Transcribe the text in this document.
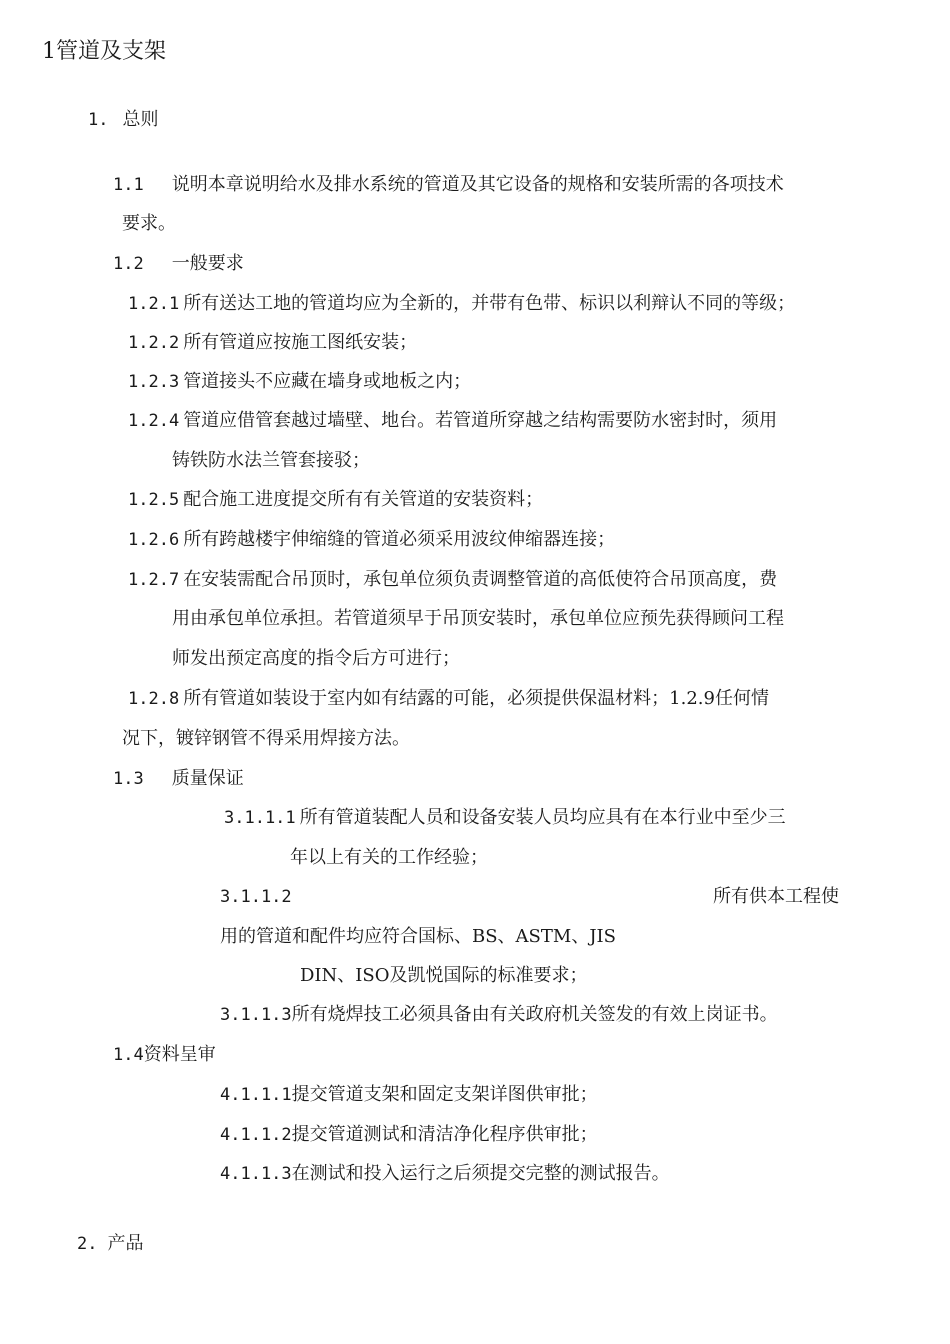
1管道及支架
1. 总则
1.1 说明本章说明给水及排水系统的管道及其它设备的规格和安装所需的各项技术
要求。
1.2 一般要求
1.2.1 所有送达工地的管道均应为全新的，并带有色带、标识以利辩认不同的等级；
1.2.2 所有管道应按施工图纸安装；
1.2.3 管道接头不应藏在墙身或地板之内；
1.2.4 管道应借管套越过墙壁、地台。若管道所穿越之结构需要防水密封时，须用
铸铁防水法兰管套接驳；
1.2.5 配合施工进度提交所有有关管道的安装资料；
1.2.6 所有跨越楼宇伸缩缝的管道必须采用波纹伸缩器连接；
1.2.7 在安装需配合吊顶时，承包单位须负责调整管道的高低使符合吊顶高度，费
用由承包单位承担。若管道须早于吊顶安装时，承包单位应预先获得顾问工程
师发出预定高度的指令后方可进行；
1.2.8 所有管道如装设于室内如有结露的可能，必须提供保温材料；1.2.9任何情
况下，镀锌钢管不得采用焊接方法。
1.3 质量保证
3.1.1.1 所有管道装配人员和设备安装人员均应具有在本行业中至少三
年以上有关的工作经验；
3.1.1.2	所有供本工程使
用的管道和配件均应符合国标、BS、ASTM、JIS
DIN、ISO及凯悦国际的标准要求；
3.1.1.3所有烧焊技工必须具备由有关政府机关签发的有效上岗证书。
1.4资料呈审
4.1.1.1提交管道支架和固定支架详图供审批；
4.1.1.2提交管道测试和清洁净化程序供审批；
4.1.1.3在测试和投入运行之后须提交完整的测试报告。
2. 产品
